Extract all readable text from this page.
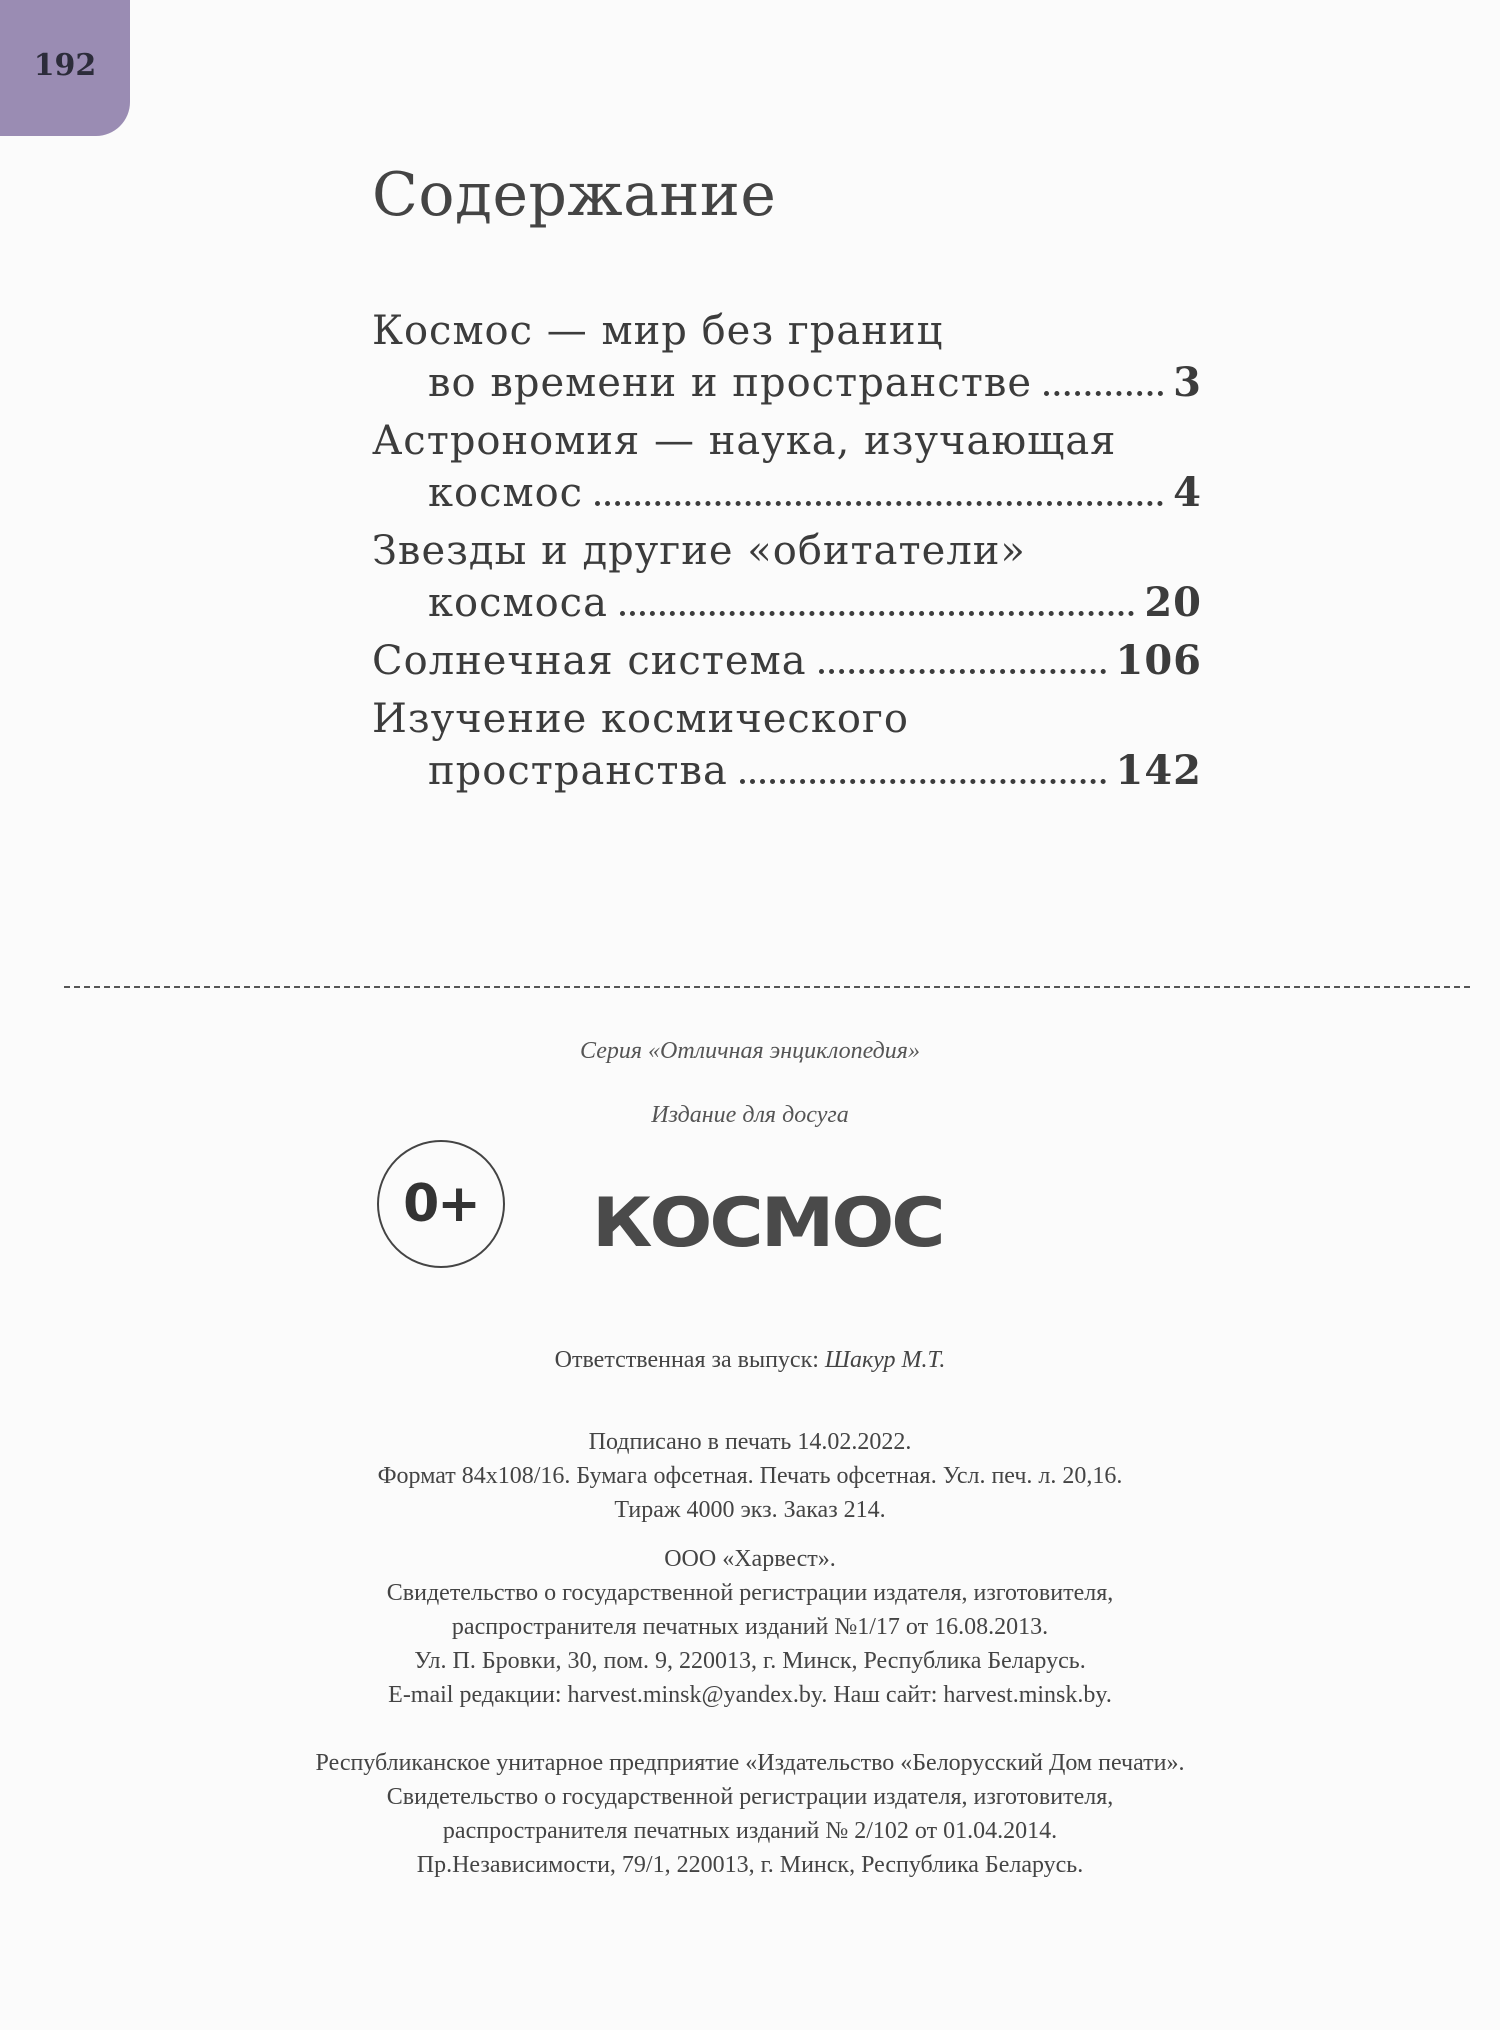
192
Содержание
Космос — мир без границ
во времени и пространстве	3
Астрономия — наука, изучающая
космос	4
Звезды и другие «обитатели»
космоса	20
Солнечная система	106
Изучение космического
пространства	142
Серия «Отличная энциклопедия»
Издание для досуга
0+ КОСМОС
Ответственная за выпуск: Шакур М.Т.
Подписано в печать 14.02.2022.
Формат 84х108/16. Бумага офсетная. Печать офсетная. Усл. печ. л. 20,16.
Тираж 4000 экз. Заказ 214.
ООО «Харвест».
Свидетельство о государственной регистрации издателя, изготовителя,
распространителя печатных изданий №1/17 от 16.08.2013.
Ул. П. Бровки, 30, пом. 9, 220013, г. Минск, Республика Беларусь.
E-mail редакции: harvest.minsk@yandex.by. Наш сайт: harvest.minsk.by.
Республиканское унитарное предприятие «Издательство «Белорусский Дом печати».
Свидетельство о государственной регистрации издателя, изготовителя,
распространителя печатных изданий № 2/102 от 01.04.2014.
Пр.Независимости, 79/1, 220013, г. Минск, Республика Беларусь.
